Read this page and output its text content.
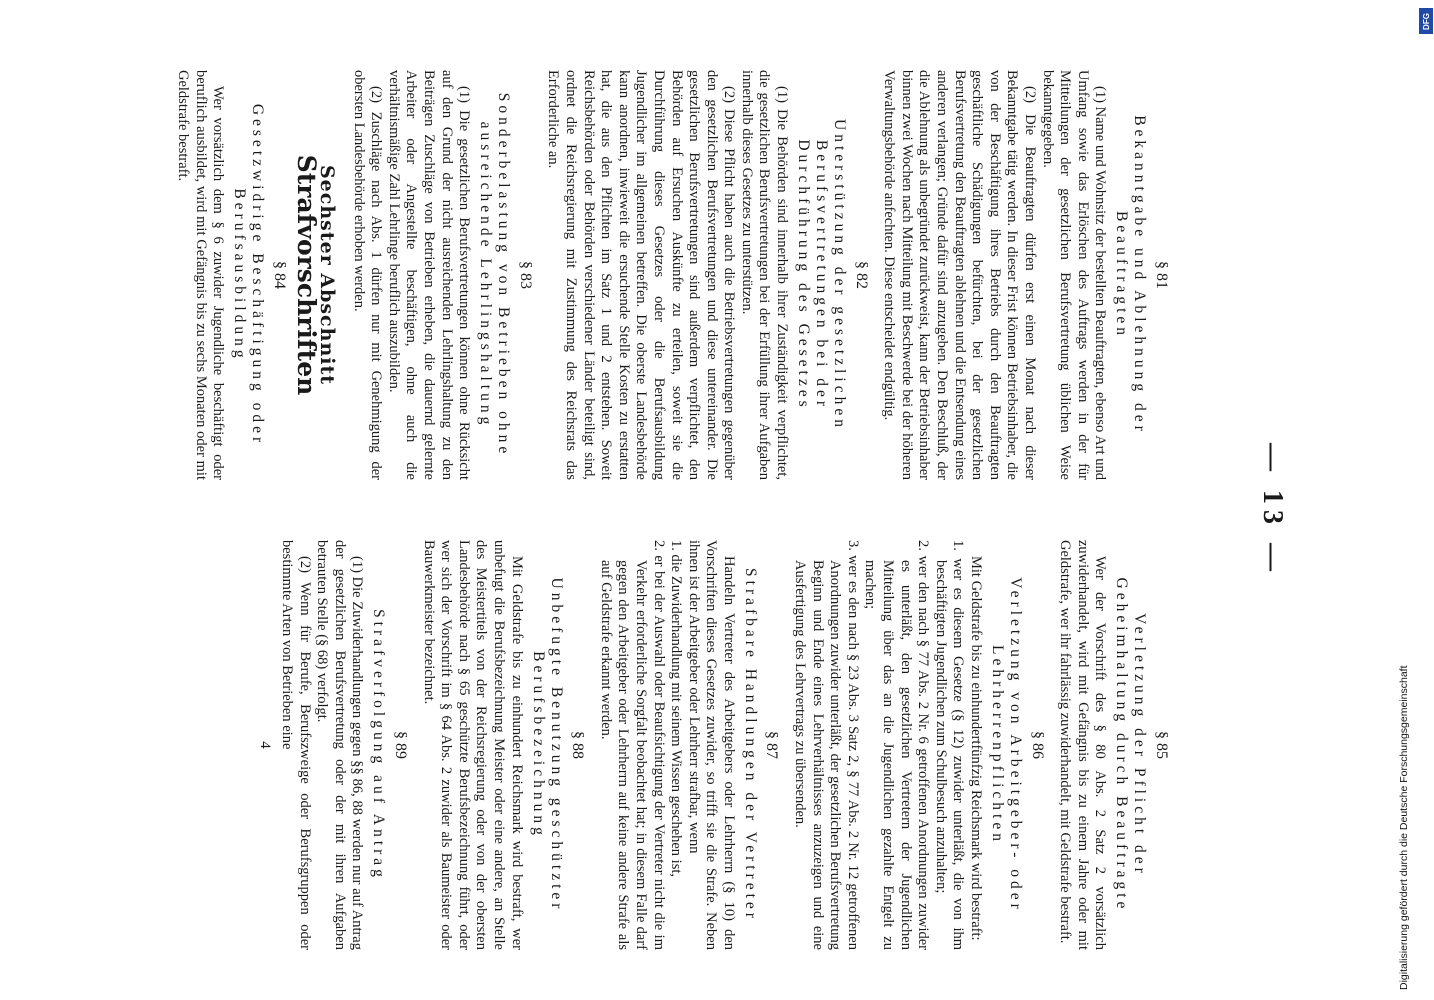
— 13 —
§ 81
Bekanntgabe und Ablehnung der Beauftragten
(1) Name und Wohnsitz der bestellten Beauftragten, ebenso Art und Umfang sowie das Erlöschen des Auftrags werden in der für Mitteilungen der gesetzlichen Berufsvertretung üblichen Weise bekanntgegeben.
(2) Die Beauftragten dürfen erst einen Monat nach dieser Bekanntgabe tätig werden. In dieser Frist können Betriebsinhaber, die von der Beschäftigung ihres Betriebs durch den Beauftragten geschäftliche Schädigungen befürchten, bei der gesetzlichen Berufsvertretung den Beauftragten ablehnen und die Entsendung eines anderen verlangen; Gründe dafür sind anzugeben. Den Beschluß, der die Ablehnung als unbegründet zurückweist, kann der Betriebsinhaber binnen zwei Wochen nach Mitteilung mit Beschwerde bei der höheren Verwaltungsbehörde anfechten. Diese entscheidet endgültig.
§ 82
Unterstützung der gesetzlichen Berufsvertretungen bei der Durchführung des Gesetzes
(1) Die Behörden sind innerhalb ihrer Zuständigkeit verpflichtet, die gesetzlichen Berufsvertretungen bei der Erfüllung ihrer Aufgaben innerhalb dieses Gesetzes zu unterstützen.
(2) Diese Pflicht haben auch die Betriebsvertretungen gegenüber den gesetzlichen Berufsvertretungen und diese untereinander. Die gesetzlichen Berufsvertretungen sind außerdem verpflichtet, den Behörden auf Ersuchen Auskünfte zu erteilen, soweit sie die Durchführung dieses Gesetzes oder die Berufsausbildung Jugendlicher im allgemeinen betreffen. Die oberste Landesbehörde kann anordnen, inwieweit die ersuchende Stelle Kosten zu erstatten hat, die aus den Pflichten im Satz 1 und 2 entstehen. Soweit Reichsbehörden oder Behörden verschiedener Länder beteiligt sind, ordnet die Reichsregierung mit Zustimmung des Reichsrats das Erforderliche an.
§ 83
Sonderbelastung von Betrieben ohne ausreichende Lehrlingshaltung
(1) Die gesetzlichen Berufsvertretungen können ohne Rücksicht auf den Grund der nicht ausreichenden Lehrlingshaltung zu den Beiträgen Zuschläge von Betrieben erheben, die dauernd gelernte Arbeiter oder Angestellte beschäftigen, ohne auch die verhältnismäßige Zahl Lehrlinge beruflich auszubilden.
(2) Zuschläge nach Abs. 1 dürfen nur mit Genehmigung der obersten Landesbehörde erhoben werden.
Sechster Abschnitt
Strafvorschriften
§ 84
Gesetzwidrige Beschäftigung oder Berufsausbildung
Wer vorsätzlich dem § 6 zuwider Jugendliche beschäftigt oder beruflich ausbildet, wird mit Gefängnis bis zu sechs Monaten oder mit Geldstrafe bestraft.
§ 85
Verletzung der Pflicht der Geheimhaltung durch Beauftragte
Wer der Vorschrift des § 80 Abs. 2 Satz 2 vorsätzlich zuwiderhandelt, wird mit Gefängnis bis zu einem Jahre oder mit Geldstrafe, wer ihr fahrlässig zuwiderhandelt, mit Geldstrafe bestraft.
§ 86
Verletzung von Arbeitgeber- oder Lehrherrenpflichten
Mit Geldstrafe bis zu einhundertfünfzig Reichsmark wird bestraft:
1. wer es diesem Gesetze (§ 12) zuwider unterläßt, die von ihm beschäftigten Jugendlichen zum Schulbesuch anzuhalten;
2. wer den nach § 77 Abs. 2 Nr. 6 getroffenen Anordnungen zuwider es unterläßt, den gesetzlichen Vertretern der Jugendlichen Mitteilung über das an die Jugendlichen gezahlte Entgelt zu machen;
3. wer es den nach § 23 Abs. 3 Satz 2, § 77 Abs. 2 Nr. 12 getroffenen Anordnungen zuwider unterläßt, der gesetzlichen Berufsvertretung Beginn und Ende eines Lehrverhältnisses anzuzeigen und eine Ausfertigung des Lehrvertrags zu übersenden.
§ 87
Strafbare Handlungen der Vertreter
Handeln Vertreter des Arbeitgebers oder Lehrherrn (§ 10) den Vorschriften dieses Gesetzes zuwider, so trifft sie die Strafe. Neben ihnen ist der Arbeitgeber oder Lehrherr strafbar, wenn
1. die Zuwiderhandlung mit seinem Wissen geschehen ist,
2. er bei der Auswahl oder Beaufsichtigung der Vertreter nicht die im Verkehr erforderliche Sorgfalt beobachtet hat; in diesem Falle darf gegen den Arbeitgeber oder Lehrherrn auf keine andere Strafe als auf Geldstrafe erkannt werden.
§ 88
Unbefugte Benutzung geschützter Berufsbezeichnung
Mit Geldstrafe bis zu einhundert Reichsmark wird bestraft, wer unbefugt die Berufsbezeichnung Meister oder eine andere, an Stelle des Meistertitels von der Reichsregierung oder von der obersten Landesbehörde nach § 65 geschützte Berufsbezeichnung führt, oder wer sich der Vorschrift im § 64 Abs. 2 zuwider als Baumeister oder Bauwerkmeister bezeichnet.
§ 89
Strafverfolgung auf Antrag
(1) Die Zuwiderhandlungen gegen §§ 86, 88 werden nur auf Antrag der gesetzlichen Berufsvertretung oder der mit ihren Aufgaben betrauten Stelle (§ 68) verfolgt.
(2) Wenn für Berufe, Berufszweige oder Berufsgruppen oder bestimmte Arten von Betrieben eine
4	Digitalisierung gefördert durch die Deutsche Forschungsgemeinschaft
DFG
